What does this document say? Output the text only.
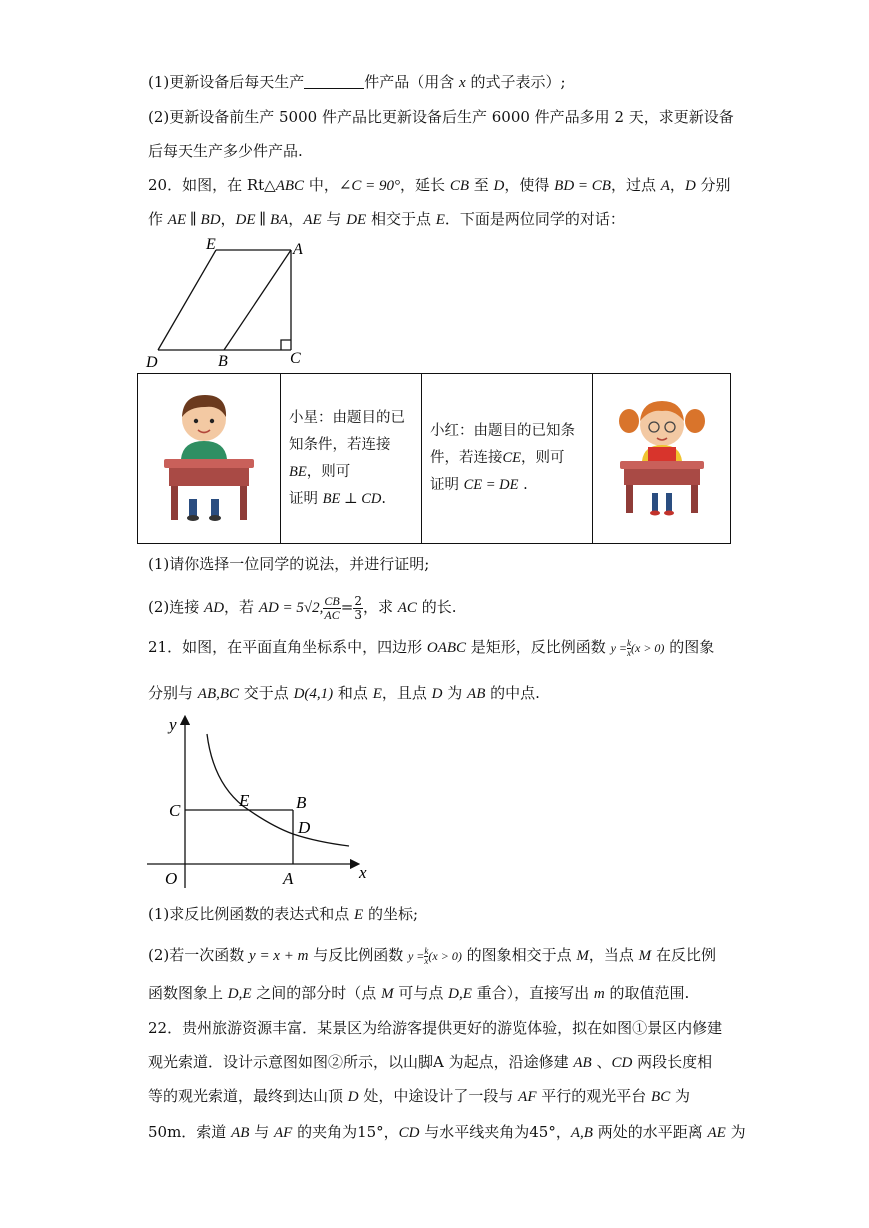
(1)更新设备后每天生产	件产品（用含 x 的式子表示）;
(2)更新设备前生产 5000 件产品比更新设备后生产 6000 件产品多用 2 天，求更新设备
后每天生产多少件产品.
20．如图，在 Rt△ABC 中，∠C = 90°，延长 CB 至 D，使得 BD = CB，过点 A，D 分别
作 AE ∥ BD，DE ∥ BA，AE 与 DE 相交于点 E．下面是两位同学的对话：
E	A
D	B	C

小星：由题目的已
知条件，若连接
BE，则可
证明 BE ⊥ CD.

小红：由题目的已知条
件，若连接CE，则可
证明 CE = DE .

(1)请你选择一位同学的说法，并进行证明;
(2)连接 AD，若 AD = 5√2, $\frac{CB}{AC} = \frac{2}{3}$ ，求 AC 的长.
21．如图，在平面直角坐标系中，四边形 OABC 是矩形，反比例函数 $y = \frac{k}{x} (x > 0)$ 的图象
分别与 AB,BC 交于点 D(4,1) 和点 E，且点 D 为 AB 的中点.
y
x
O	A
C	B
D
E
(1)求反比例函数的表达式和点 E 的坐标;
(2)若一次函数 y = x + m 与反比例函数 $y = \frac{k}{x} (x > 0)$ 的图象相交于点 M，当点 M 在反比例
函数图象上 D,E 之间的部分时（点 M 可与点 D,E 重合），直接写出 m 的取值范围.
22．贵州旅游资源丰富．某景区为给游客提供更好的游览体验，拟在如图①景区内修建
观光索道．设计示意图如图②所示，以山脚A 为起点，沿途修建 AB 、CD 两段长度相
等的观光索道，最终到达山顶 D 处，中途设计了一段与 AF 平行的观光平台 BC 为
50m．索道 AB 与 AF 的夹角为15°，CD 与水平线夹角为45°，A,B 两处的水平距离 AE 为
